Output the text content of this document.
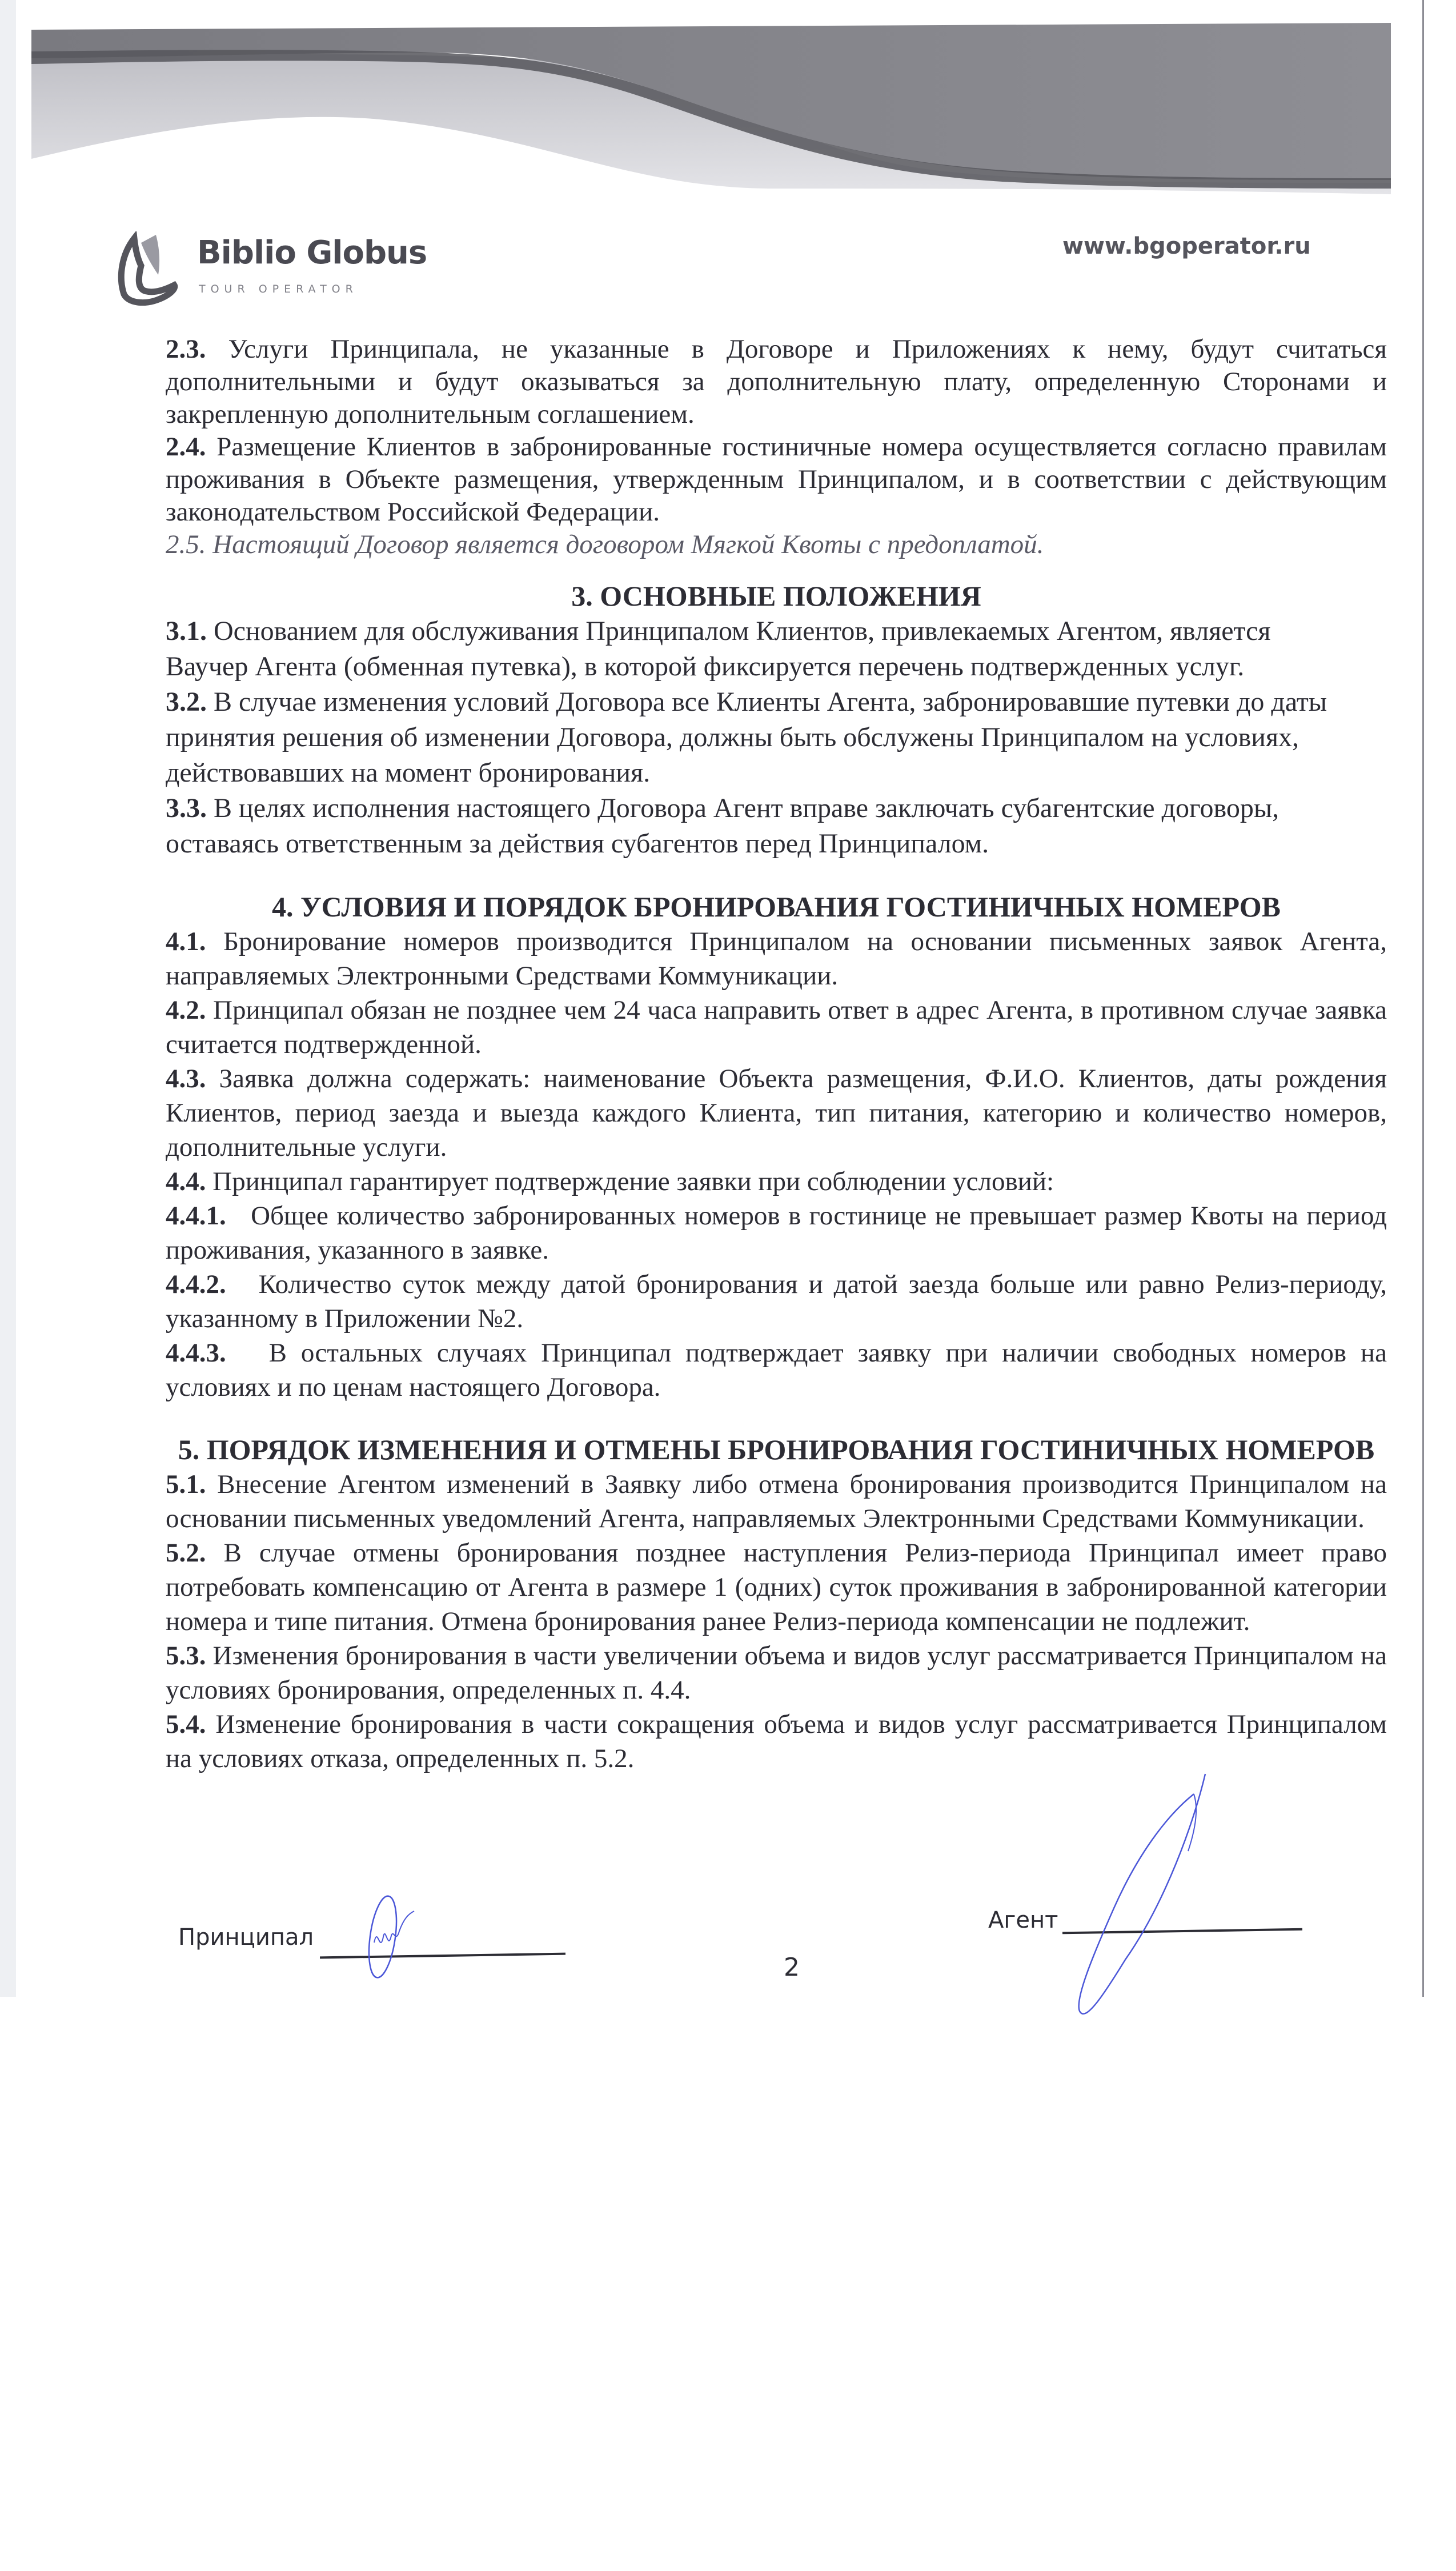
Biblio Globus
TOUR OPERATOR
www.bgoperator.ru

2.3. Услуги Принципала, не указанные в Договоре и Приложениях к нему, будут считаться дополнительными и будут оказываться за дополнительную плату, определенную Сторонами и закрепленную дополнительным соглашением.

2.4. Размещение Клиентов в забронированные гостиничные номера осуществляется согласно правилам проживания в Объекте размещения, утвержденным Принципалом, и в соответствии с действующим законодательством Российской Федерации.

2.5. Настоящий Договор является договором Мягкой Квоты с предоплатой.

3. ОСНОВНЫЕ ПОЛОЖЕНИЯ

3.1. Основанием для обслуживания Принципалом Клиентов, привлекаемых Агентом, является
Ваучер Агента (обменная путевка), в которой фиксируется перечень подтвержденных услуг.

3.2. В случае изменения условий Договора все Клиенты Агента, забронировавшие путевки до даты
принятия решения об изменении Договора, должны быть обслужены Принципалом на условиях,
действовавших на момент бронирования.

3.3. В целях исполнения настоящего Договора Агент вправе заключать субагентские договоры,
оставаясь ответственным за действия субагентов перед Принципалом.

4. УСЛОВИЯ И ПОРЯДОК БРОНИРОВАНИЯ ГОСТИНИЧНЫХ НОМЕРОВ

4.1. Бронирование номеров производится Принципалом на основании письменных заявок Агента, направляемых Электронными Средствами Коммуникации.

4.2. Принципал обязан не позднее чем 24 часа направить ответ в адрес Агента, в противном случае заявка считается подтвержденной.

4.3. Заявка должна содержать: наименование Объекта размещения, Ф.И.О. Клиентов, даты рождения Клиентов, период заезда и выезда каждого Клиента, тип питания, категорию и количество номеров, дополнительные услуги.

4.4. Принципал гарантирует подтверждение заявки при соблюдении условий:

4.4.1. Общее количество забронированных номеров в гостинице не превышает размер Квоты на период проживания, указанного в заявке.

4.4.2. Количество суток между датой бронирования и датой заезда больше или равно Релиз-периоду, указанному в Приложении №2.

4.4.3. В остальных случаях Принципал подтверждает заявку при наличии свободных номеров на условиях и по ценам настоящего Договора.

5. ПОРЯДОК ИЗМЕНЕНИЯ И ОТМЕНЫ БРОНИРОВАНИЯ ГОСТИНИЧНЫХ НОМЕРОВ

5.1. Внесение Агентом изменений в Заявку либо отмена бронирования производится Принципалом на основании письменных уведомлений Агента, направляемых Электронными Средствами Коммуникации.

5.2. В случае отмены бронирования позднее наступления Релиз-периода Принципал имеет право потребовать компенсацию от Агента в размере 1 (одних) суток проживания в забронированной категории номера и типе питания. Отмена бронирования ранее Релиз-периода компенсации не подлежит.

5.3. Изменения бронирования в части увеличении объема и видов услуг рассматривается Принципалом на условиях бронирования, определенных п. 4.4.

5.4. Изменение бронирования в части сокращения объема и видов услуг рассматривается Принципалом на условиях отказа, определенных п. 5.2.

Принципал
2
Агент
